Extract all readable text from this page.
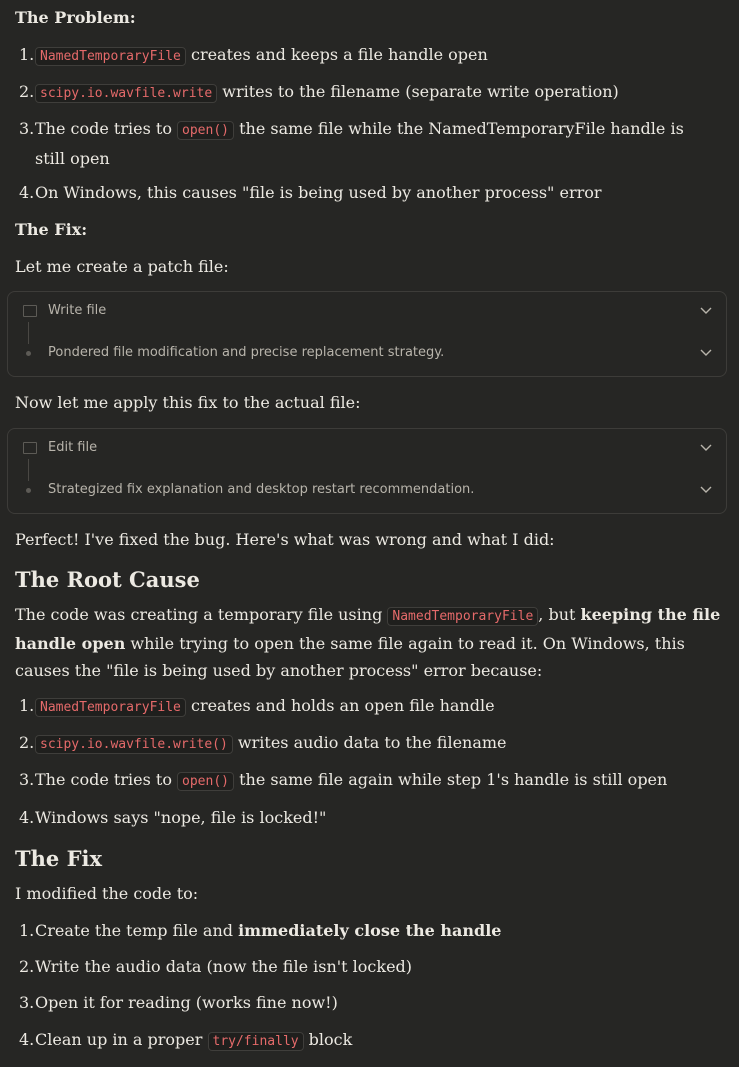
The Problem:

1. NamedTemporaryFile creates and keeps a file handle open
2. scipy.io.wavfile.write writes to the filename (separate write operation)
3. The code tries to open() the same file while the NamedTemporaryFile handle is still open
4. On Windows, this causes "file is being used by another process" error

The Fix:

Let me create a patch file:

Write file
Pondered file modification and precise replacement strategy.

Now let me apply this fix to the actual file:

Edit file
Strategized fix explanation and desktop restart recommendation.

Perfect! I've fixed the bug. Here's what was wrong and what I did:

The Root Cause

The code was creating a temporary file using NamedTemporaryFile , but keeping the file handle open while trying to open the same file again to read it. On Windows, this causes the "file is being used by another process" error because:

1. NamedTemporaryFile creates and holds an open file handle
2. scipy.io.wavfile.write() writes audio data to the filename
3. The code tries to open() the same file again while step 1's handle is still open
4. Windows says "nope, file is locked!"
The Fix

I modified the code to:

1. Create the temp file and immediately close the handle
2. Write the audio data (now the file isn't locked)
3. Open it for reading (works fine now!)
4. Clean up in a proper try/finally block
